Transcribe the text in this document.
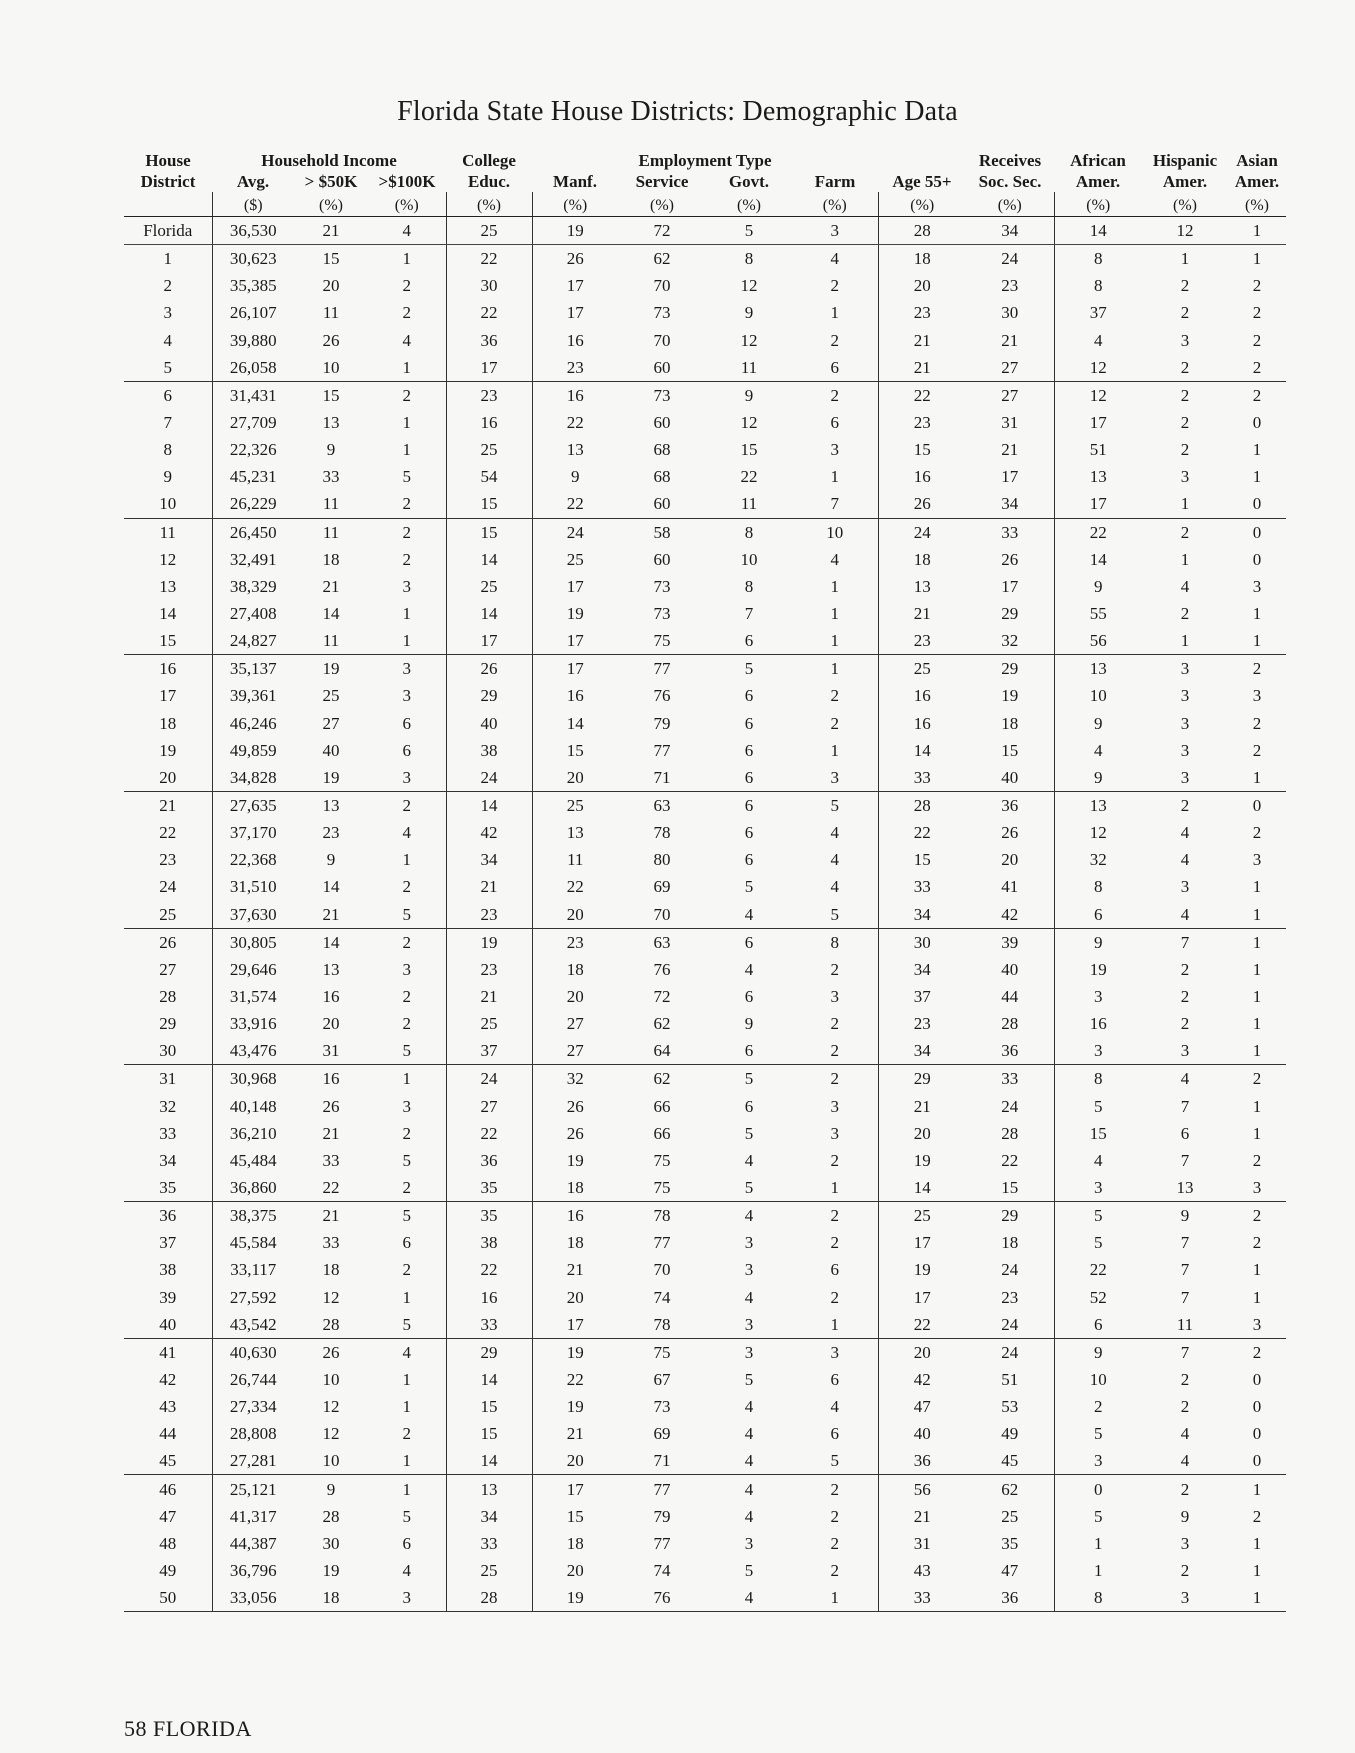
Florida State House Districts: Demographic Data
House	Household Income			College	Employment Type					Receives	African	Hispanic	Asian
District	Avg.	> $50K	>$100K	Educ.	Manf.	Service	Govt.	Farm	Age 55+	Soc. Sec.	Amer.	Amer.	Amer.
	($)	(%)	(%)	(%)	(%)	(%)	(%)	(%)	(%)	(%)	(%)	(%)	(%)
Florida	36,530	21	4	25	19	72	5	3	28	34	14	12	1
1	30,623	15	1	22	26	62	8	4	18	24	8	1	1
2	35,385	20	2	30	17	70	12	2	20	23	8	2	2
3	26,107	11	2	22	17	73	9	1	23	30	37	2	2
4	39,880	26	4	36	16	70	12	2	21	21	4	3	2
5	26,058	10	1	17	23	60	11	6	21	27	12	2	2
6	31,431	15	2	23	16	73	9	2	22	27	12	2	2
7	27,709	13	1	16	22	60	12	6	23	31	17	2	0
8	22,326	9	1	25	13	68	15	3	15	21	51	2	1
9	45,231	33	5	54	9	68	22	1	16	17	13	3	1
10	26,229	11	2	15	22	60	11	7	26	34	17	1	0
11	26,450	11	2	15	24	58	8	10	24	33	22	2	0
12	32,491	18	2	14	25	60	10	4	18	26	14	1	0
13	38,329	21	3	25	17	73	8	1	13	17	9	4	3
14	27,408	14	1	14	19	73	7	1	21	29	55	2	1
15	24,827	11	1	17	17	75	6	1	23	32	56	1	1
16	35,137	19	3	26	17	77	5	1	25	29	13	3	2
17	39,361	25	3	29	16	76	6	2	16	19	10	3	3
18	46,246	27	6	40	14	79	6	2	16	18	9	3	2
19	49,859	40	6	38	15	77	6	1	14	15	4	3	2
20	34,828	19	3	24	20	71	6	3	33	40	9	3	1
21	27,635	13	2	14	25	63	6	5	28	36	13	2	0
22	37,170	23	4	42	13	78	6	4	22	26	12	4	2
23	22,368	9	1	34	11	80	6	4	15	20	32	4	3
24	31,510	14	2	21	22	69	5	4	33	41	8	3	1
25	37,630	21	5	23	20	70	4	5	34	42	6	4	1
26	30,805	14	2	19	23	63	6	8	30	39	9	7	1
27	29,646	13	3	23	18	76	4	2	34	40	19	2	1
28	31,574	16	2	21	20	72	6	3	37	44	3	2	1
29	33,916	20	2	25	27	62	9	2	23	28	16	2	1
30	43,476	31	5	37	27	64	6	2	34	36	3	3	1
31	30,968	16	1	24	32	62	5	2	29	33	8	4	2
32	40,148	26	3	27	26	66	6	3	21	24	5	7	1
33	36,210	21	2	22	26	66	5	3	20	28	15	6	1
34	45,484	33	5	36	19	75	4	2	19	22	4	7	2
35	36,860	22	2	35	18	75	5	1	14	15	3	13	3
36	38,375	21	5	35	16	78	4	2	25	29	5	9	2
37	45,584	33	6	38	18	77	3	2	17	18	5	7	2
38	33,117	18	2	22	21	70	3	6	19	24	22	7	1
39	27,592	12	1	16	20	74	4	2	17	23	52	7	1
40	43,542	28	5	33	17	78	3	1	22	24	6	11	3
41	40,630	26	4	29	19	75	3	3	20	24	9	7	2
42	26,744	10	1	14	22	67	5	6	42	51	10	2	0
43	27,334	12	1	15	19	73	4	4	47	53	2	2	0
44	28,808	12	2	15	21	69	4	6	40	49	5	4	0
45	27,281	10	1	14	20	71	4	5	36	45	3	4	0
46	25,121	9	1	13	17	77	4	2	56	62	0	2	1
47	41,317	28	5	34	15	79	4	2	21	25	5	9	2
48	44,387	30	6	33	18	77	3	2	31	35	1	3	1
49	36,796	19	4	25	20	74	5	2	43	47	1	2	1
50	33,056	18	3	28	19	76	4	1	33	36	8	3	1
58 FLORIDA
